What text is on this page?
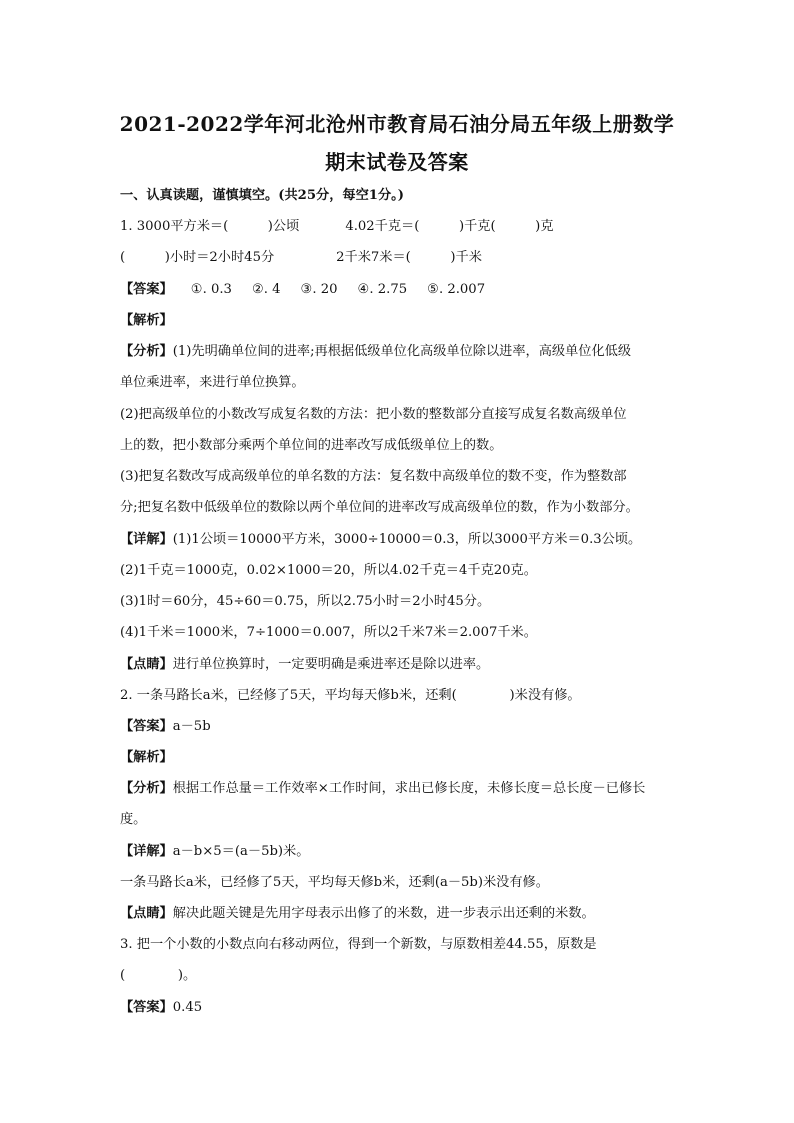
2021-2022学年河北沧州市教育局石油分局五年级上册数学
期末试卷及答案
一、认真读题，谨慎填空。(共25分，每空1分。)
1. 3000平方米＝(　　　)公顷	4.02千克＝(　　　)千克(　　　)克
(　　　)小时＝2小时45分	2千米7米＝(　　　)千米
【答案】 ①. 0.3 ②. 4 ③. 20 ④. 2.75 ⑤. 2.007
【解析】
【分析】(1)先明确单位间的进率;再根据低级单位化高级单位除以进率，高级单位化低级
单位乘进率，来进行单位换算。
(2)把高级单位的小数改写成复名数的方法：把小数的整数部分直接写成复名数高级单位
上的数，把小数部分乘两个单位间的进率改写成低级单位上的数。
(3)把复名数改写成高级单位的单名数的方法：复名数中高级单位的数不变，作为整数部
分;把复名数中低级单位的数除以两个单位间的进率改写成高级单位的数，作为小数部分。
【详解】(1)1公顷＝10000平方米，3000÷10000＝0.3，所以3000平方米＝0.3公顷。
(2)1千克＝1000克，0.02×1000＝20，所以4.02千克＝4千克20克。
(3)1时＝60分，45÷60＝0.75，所以2.75小时＝2小时45分。
(4)1千米＝1000米，7÷1000＝0.007，所以2千米7米＝2.007千米。
【点睛】进行单位换算时，一定要明确是乘进率还是除以进率。
2. 一条马路长a米，已经修了5天，平均每天修b米，还剩(　　　　)米没有修。
【答案】a－5b
【解析】
【分析】根据工作总量＝工作效率×工作时间，求出已修长度，未修长度＝总长度－已修长
度。
【详解】a－b×5＝(a－5b)米。
一条马路长a米，已经修了5天，平均每天修b米，还剩(a－5b)米没有修。
【点睛】解决此题关键是先用字母表示出修了的米数，进一步表示出还剩的米数。
3. 把一个小数的小数点向右移动两位，得到一个新数，与原数相差44.55，原数是
(　　　　)。
【答案】0.45
